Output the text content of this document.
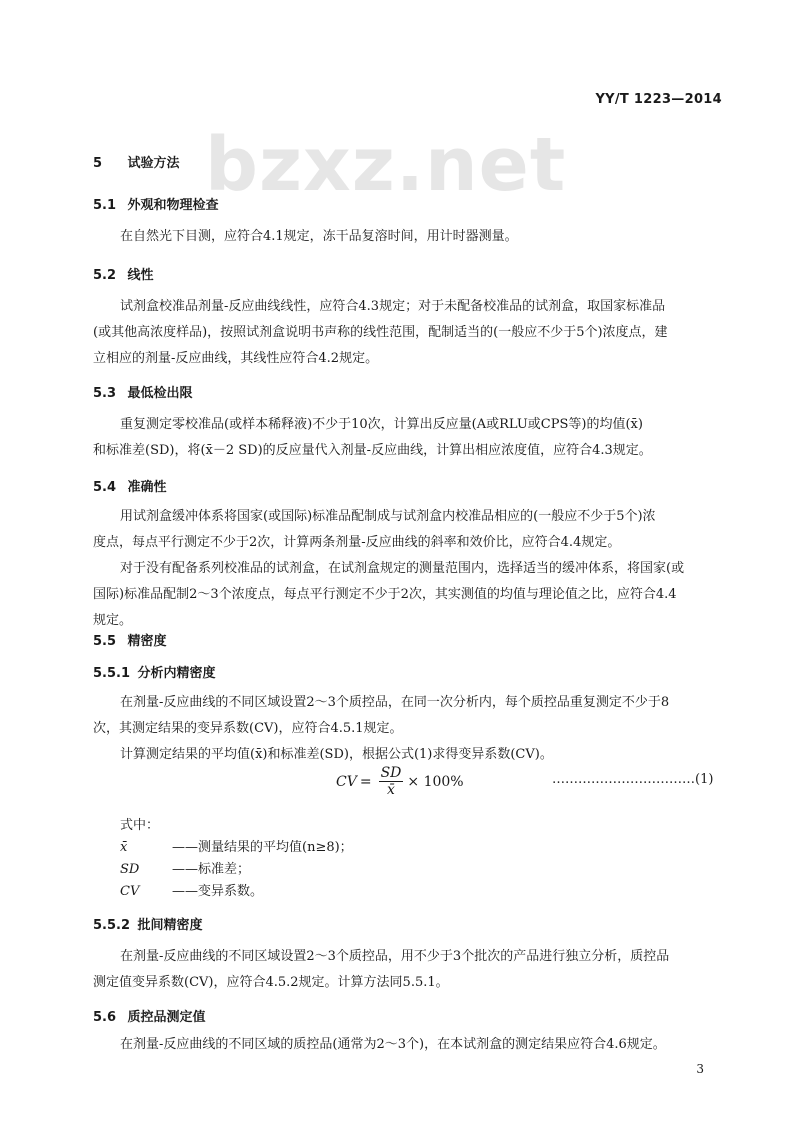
YY/T 1223—2014
bzxz.net
5 试验方法
5.1 外观和物理检查
在自然光下目测，应符合4.1规定，冻干品复溶时间，用计时器测量。
5.2 线性
试剂盒校准品剂量-反应曲线线性，应符合4.3规定；对于未配备校准品的试剂盒，取国家标准品
(或其他高浓度样品)，按照试剂盒说明书声称的线性范围，配制适当的(一般应不少于5个)浓度点，建
立相应的剂量-反应曲线，其线性应符合4.2规定。
5.3 最低检出限
重复测定零校准品(或样本稀释液)不少于10次，计算出反应量(A或RLU或CPS等)的均值(x̄)
和标准差(SD)，将(x̄－2 SD)的反应量代入剂量-反应曲线，计算出相应浓度值，应符合4.3规定。
5.4 准确性
用试剂盒缓冲体系将国家(或国际)标准品配制成与试剂盒内校准品相应的(一般应不少于5个)浓
度点，每点平行测定不少于2次，计算两条剂量-反应曲线的斜率和效价比，应符合4.4规定。
对于没有配备系列校准品的试剂盒，在试剂盒规定的测量范围内，选择适当的缓冲体系，将国家(或
国际)标准品配制2～3个浓度点，每点平行测定不少于2次，其实测值的均值与理论值之比，应符合4.4
规定。
5.5 精密度
5.5.1 分析内精密度
在剂量-反应曲线的不同区域设置2～3个质控品，在同一次分析内，每个质控品重复测定不少于8
次，其测定结果的变异系数(CV)，应符合4.5.1规定。
计算测定结果的平均值(x̄)和标准差(SD)，根据公式(1)求得变异系数(CV)。
CV = $\frac{SD}{x̄} \times 100\%$	……………………………(1)
式中：
x̄	——测量结果的平均值(n≥8)；
SD	——标准差；
CV	——变异系数。
5.5.2 批间精密度
在剂量-反应曲线的不同区域设置2～3个质控品，用不少于3个批次的产品进行独立分析，质控品
测定值变异系数(CV)，应符合4.5.2规定。计算方法同5.5.1。
5.6 质控品测定值
在剂量-反应曲线的不同区域的质控品(通常为2～3个)，在本试剂盒的测定结果应符合4.6规定。
3
